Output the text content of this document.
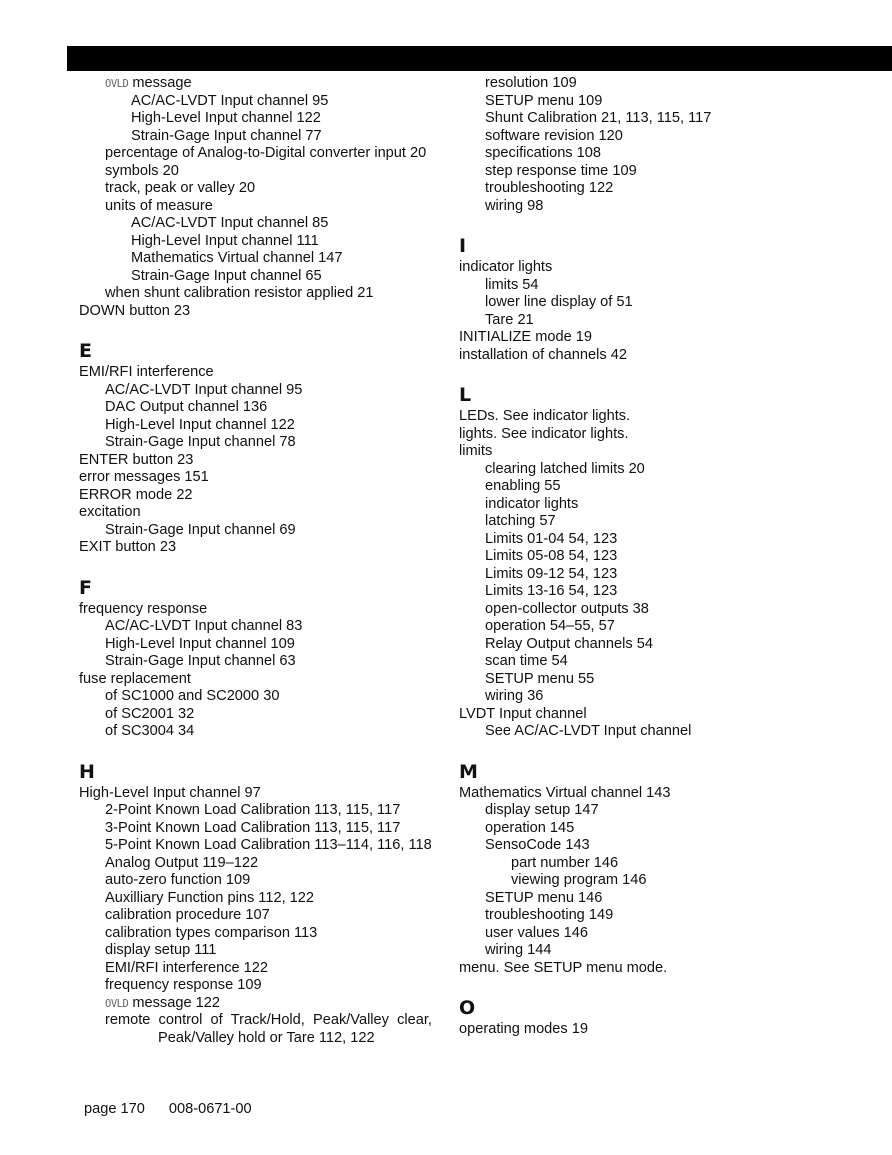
OVLD message
AC/AC-LVDT Input channel 95
High-Level Input channel 122
Strain-Gage Input channel 77
percentage of Analog-to-Digital converter input 20
symbols 20
track, peak or valley 20
units of measure
AC/AC-LVDT Input channel 85
High-Level Input channel 111
Mathematics Virtual channel 147
Strain-Gage Input channel 65
when shunt calibration resistor applied 21
DOWN button 23
E
EMI/RFI interference
AC/AC-LVDT Input channel 95
DAC Output channel 136
High-Level Input channel 122
Strain-Gage Input channel 78
ENTER button 23
error messages 151
ERROR mode 22
excitation
Strain-Gage Input channel 69
EXIT button 23
F
frequency response
AC/AC-LVDT Input channel 83
High-Level Input channel 109
Strain-Gage Input channel 63
fuse replacement
of SC1000 and SC2000 30
of SC2001 32
of SC3004 34
H
High-Level Input channel 97
2-Point Known Load Calibration 113, 115, 117
3-Point Known Load Calibration 113, 115, 117
5-Point Known Load Calibration 113–114, 116, 118
Analog Output 119–122
auto-zero function 109
Auxilliary Function pins 112, 122
calibration procedure 107
calibration types comparison 113
display setup 111
EMI/RFI interference 122
frequency response 109
OVLD message 122
remote control of Track/Hold, Peak/Valley clear,
Peak/Valley hold or Tare 112, 122
resolution 109
SETUP menu 109
Shunt Calibration 21, 113, 115, 117
software revision 120
specifications 108
step response time 109
troubleshooting 122
wiring 98
I
indicator lights
limits 54
lower line display of 51
Tare 21
INITIALIZE mode 19
installation of channels 42
L
LEDs. See indicator lights.
lights. See indicator lights.
limits
clearing latched limits 20
enabling 55
indicator lights
latching 57
Limits 01-04 54, 123
Limits 05-08 54, 123
Limits 09-12 54, 123
Limits 13-16 54, 123
open-collector outputs 38
operation 54–55, 57
Relay Output channels 54
scan time 54
SETUP menu 55
wiring 36
LVDT Input channel
See AC/AC-LVDT Input channel
M
Mathematics Virtual channel 143
display setup 147
operation 145
SensoCode 143
part number 146
viewing program 146
SETUP menu 146
troubleshooting 149
user values 146
wiring 144
menu. See SETUP menu mode.
O
operating modes 19
page 170 008-0671-00
